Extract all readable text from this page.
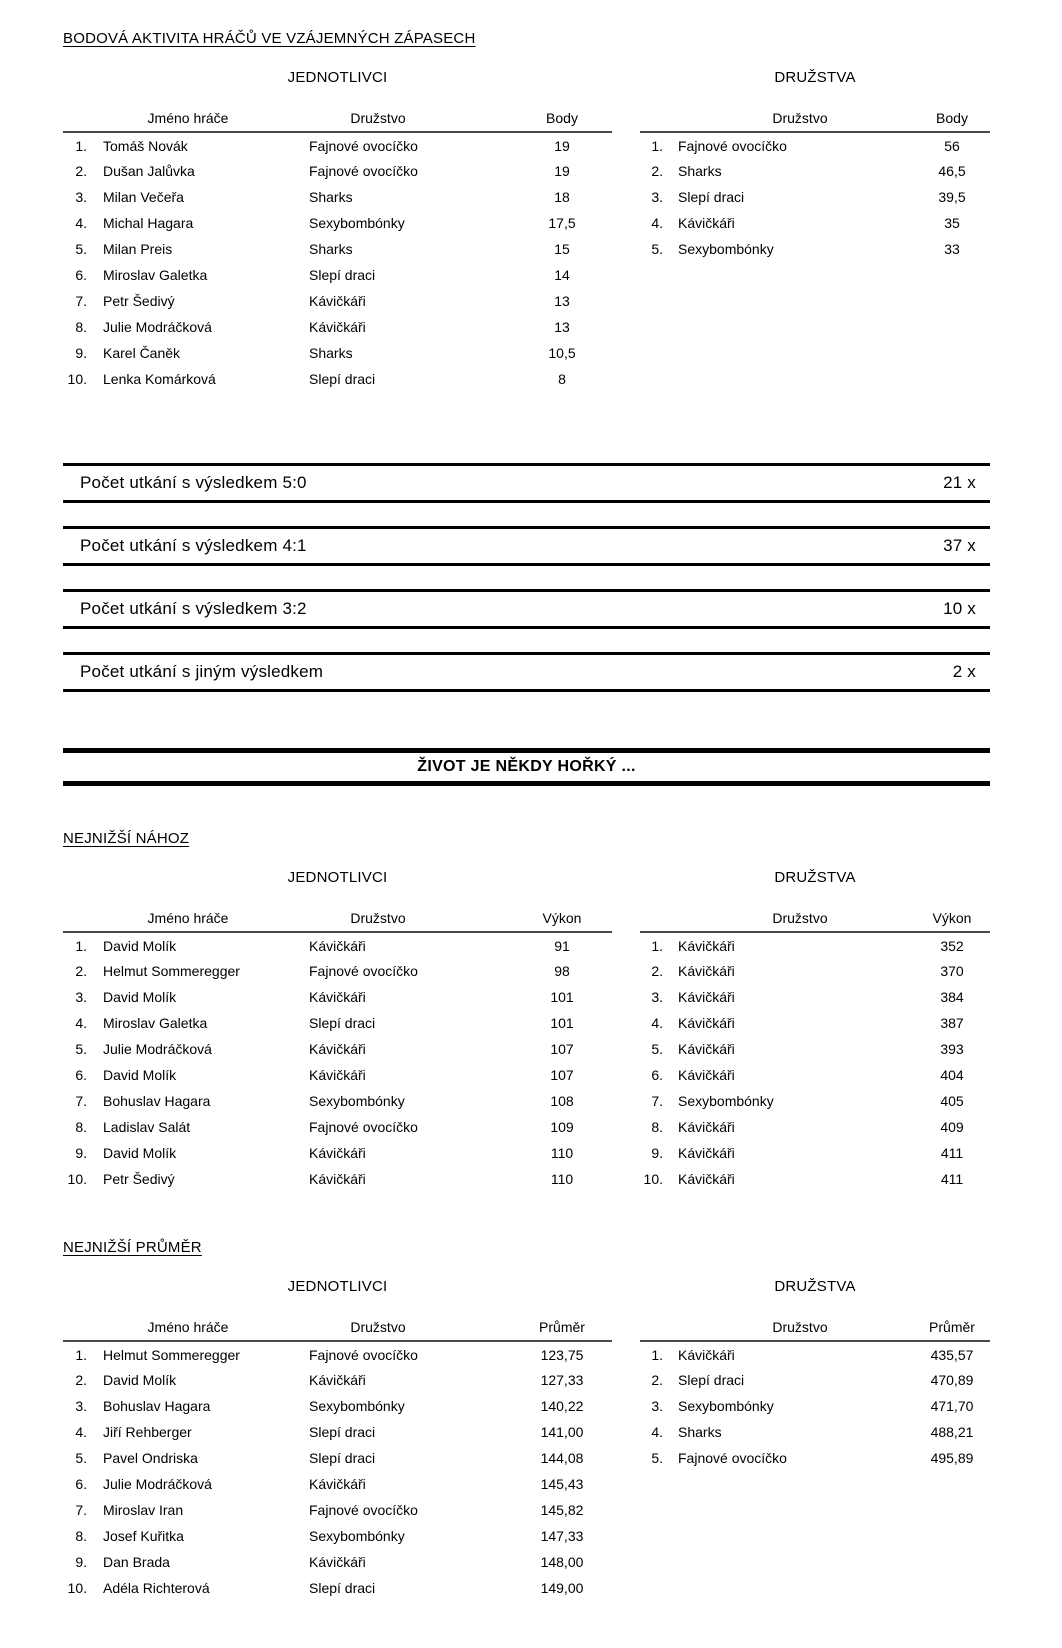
BODOVÁ AKTIVITA HRÁČŮ VE VZÁJEMNÝCH ZÁPASECH
JEDNOTLIVCI
	Jméno hráče	Družstvo	Body
1.	Tomáš Novák	Fajnové ovocíčko	19
2.	Dušan Jalůvka	Fajnové ovocíčko	19
3.	Milan Večeřa	Sharks	18
4.	Michal Hagara	Sexybombónky	17,5
5.	Milan Preis	Sharks	15
6.	Miroslav Galetka	Slepí draci	14
7.	Petr Šedivý	Kávičkáři	13
8.	Julie Modráčková	Kávičkáři	13
9.	Karel Čaněk	Sharks	10,5
10.	Lenka Komárková	Slepí draci	8
DRUŽSTVA
	Družstvo	Body
1.	Fajnové ovocíčko	56
2.	Sharks	46,5
3.	Slepí draci	39,5
4.	Kávičkáři	35
5.	Sexybombónky	33
Počet utkání s výsledkem 5:0	21 x
Počet utkání s výsledkem 4:1	37 x
Počet utkání s výsledkem 3:2	10 x
Počet utkání s jiným výsledkem	2 x
ŽIVOT JE NĚKDY HOŘKÝ ...
NEJNIŽŠÍ NÁHOZ
JEDNOTLIVCI
	Jméno hráče	Družstvo	Výkon
1.	David Molík	Kávičkáři	91
2.	Helmut Sommeregger	Fajnové ovocíčko	98
3.	David Molík	Kávičkáři	101
4.	Miroslav Galetka	Slepí draci	101
5.	Julie Modráčková	Kávičkáři	107
6.	David Molík	Kávičkáři	107
7.	Bohuslav Hagara	Sexybombónky	108
8.	Ladislav Salát	Fajnové ovocíčko	109
9.	David Molík	Kávičkáři	110
10.	Petr Šedivý	Kávičkáři	110
DRUŽSTVA
	Družstvo	Výkon
1.	Kávičkáři	352
2.	Kávičkáři	370
3.	Kávičkáři	384
4.	Kávičkáři	387
5.	Kávičkáři	393
6.	Kávičkáři	404
7.	Sexybombónky	405
8.	Kávičkáři	409
9.	Kávičkáři	411
10.	Kávičkáři	411
NEJNIŽŠÍ PRŮMĚR
JEDNOTLIVCI
	Jméno hráče	Družstvo	Průměr
1.	Helmut Sommeregger	Fajnové ovocíčko	123,75
2.	David Molík	Kávičkáři	127,33
3.	Bohuslav Hagara	Sexybombónky	140,22
4.	Jiří Rehberger	Slepí draci	141,00
5.	Pavel Ondriska	Slepí draci	144,08
6.	Julie Modráčková	Kávičkáři	145,43
7.	Miroslav Iran	Fajnové ovocíčko	145,82
8.	Josef Kuřitka	Sexybombónky	147,33
9.	Dan Brada	Kávičkáři	148,00
10.	Adéla Richterová	Slepí draci	149,00
DRUŽSTVA
	Družstvo	Průměr
1.	Kávičkáři	435,57
2.	Slepí draci	470,89
3.	Sexybombónky	471,70
4.	Sharks	488,21
5.	Fajnové ovocíčko	495,89
